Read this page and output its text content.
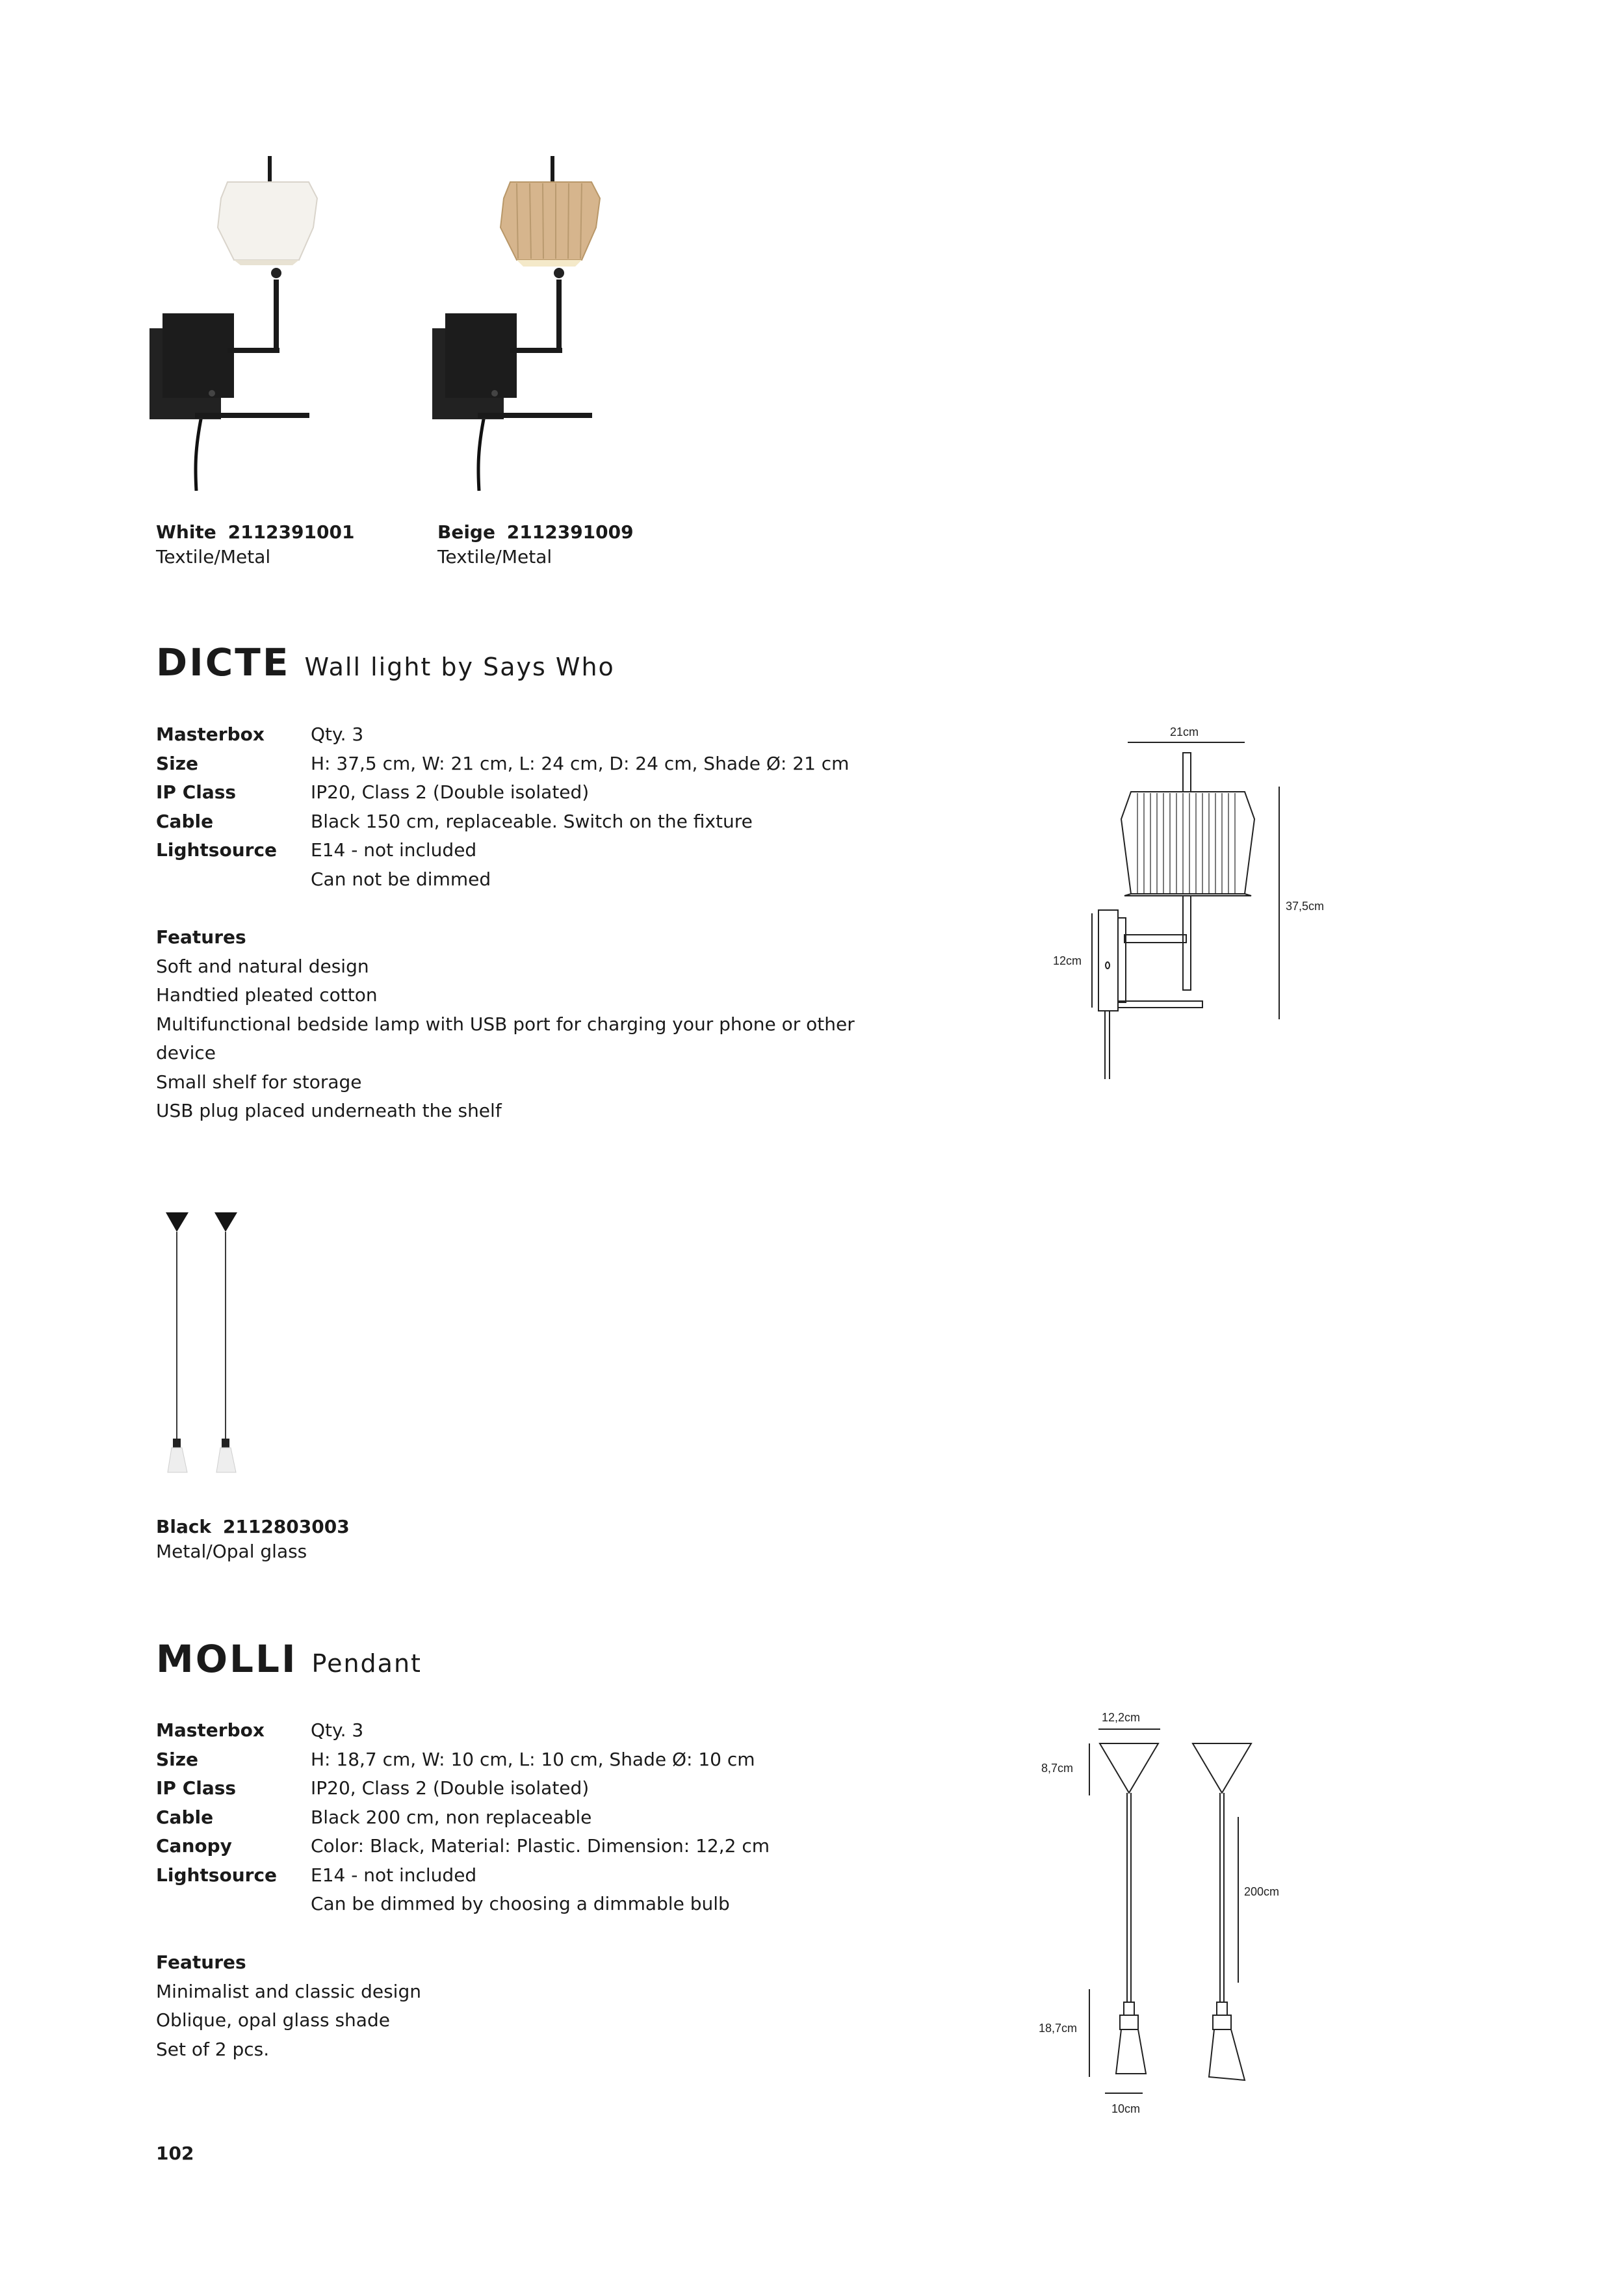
White 2112391001
Textile/Metal
Beige 2112391009
Textile/Metal
DICTE Wall light by Says Who
Masterbox	Qty. 3
Size	H: 37,5 cm, W: 21 cm, L: 24 cm, D: 24 cm, Shade Ø: 21 cm
IP Class	IP20, Class 2 (Double isolated)
Cable	Black 150 cm, replaceable. Switch on the fixture
Lightsource	E14 - not included
Can not be dimmed
Features
Soft and natural design
Handtied pleated cotton
Multifunctional bedside lamp with USB port for charging your phone or other
device
Small shelf for storage
USB plug placed underneath the shelf
21cm
37,5cm
12cm
Black 2112803003
Metal/Opal glass
MOLLI Pendant
Masterbox	Qty. 3
Size	H: 18,7 cm, W: 10 cm, L: 10 cm, Shade Ø: 10 cm
IP Class	IP20, Class 2 (Double isolated)
Cable	Black 200 cm, non replaceable
Canopy	Color: Black, Material: Plastic. Dimension: 12,2 cm
Lightsource	E14 - not included
Can be dimmed by choosing a dimmable bulb
Features
Minimalist and classic design
Oblique, opal glass shade
Set of 2 pcs.
12,2cm
8,7cm
200cm
18,7cm
10cm
102
